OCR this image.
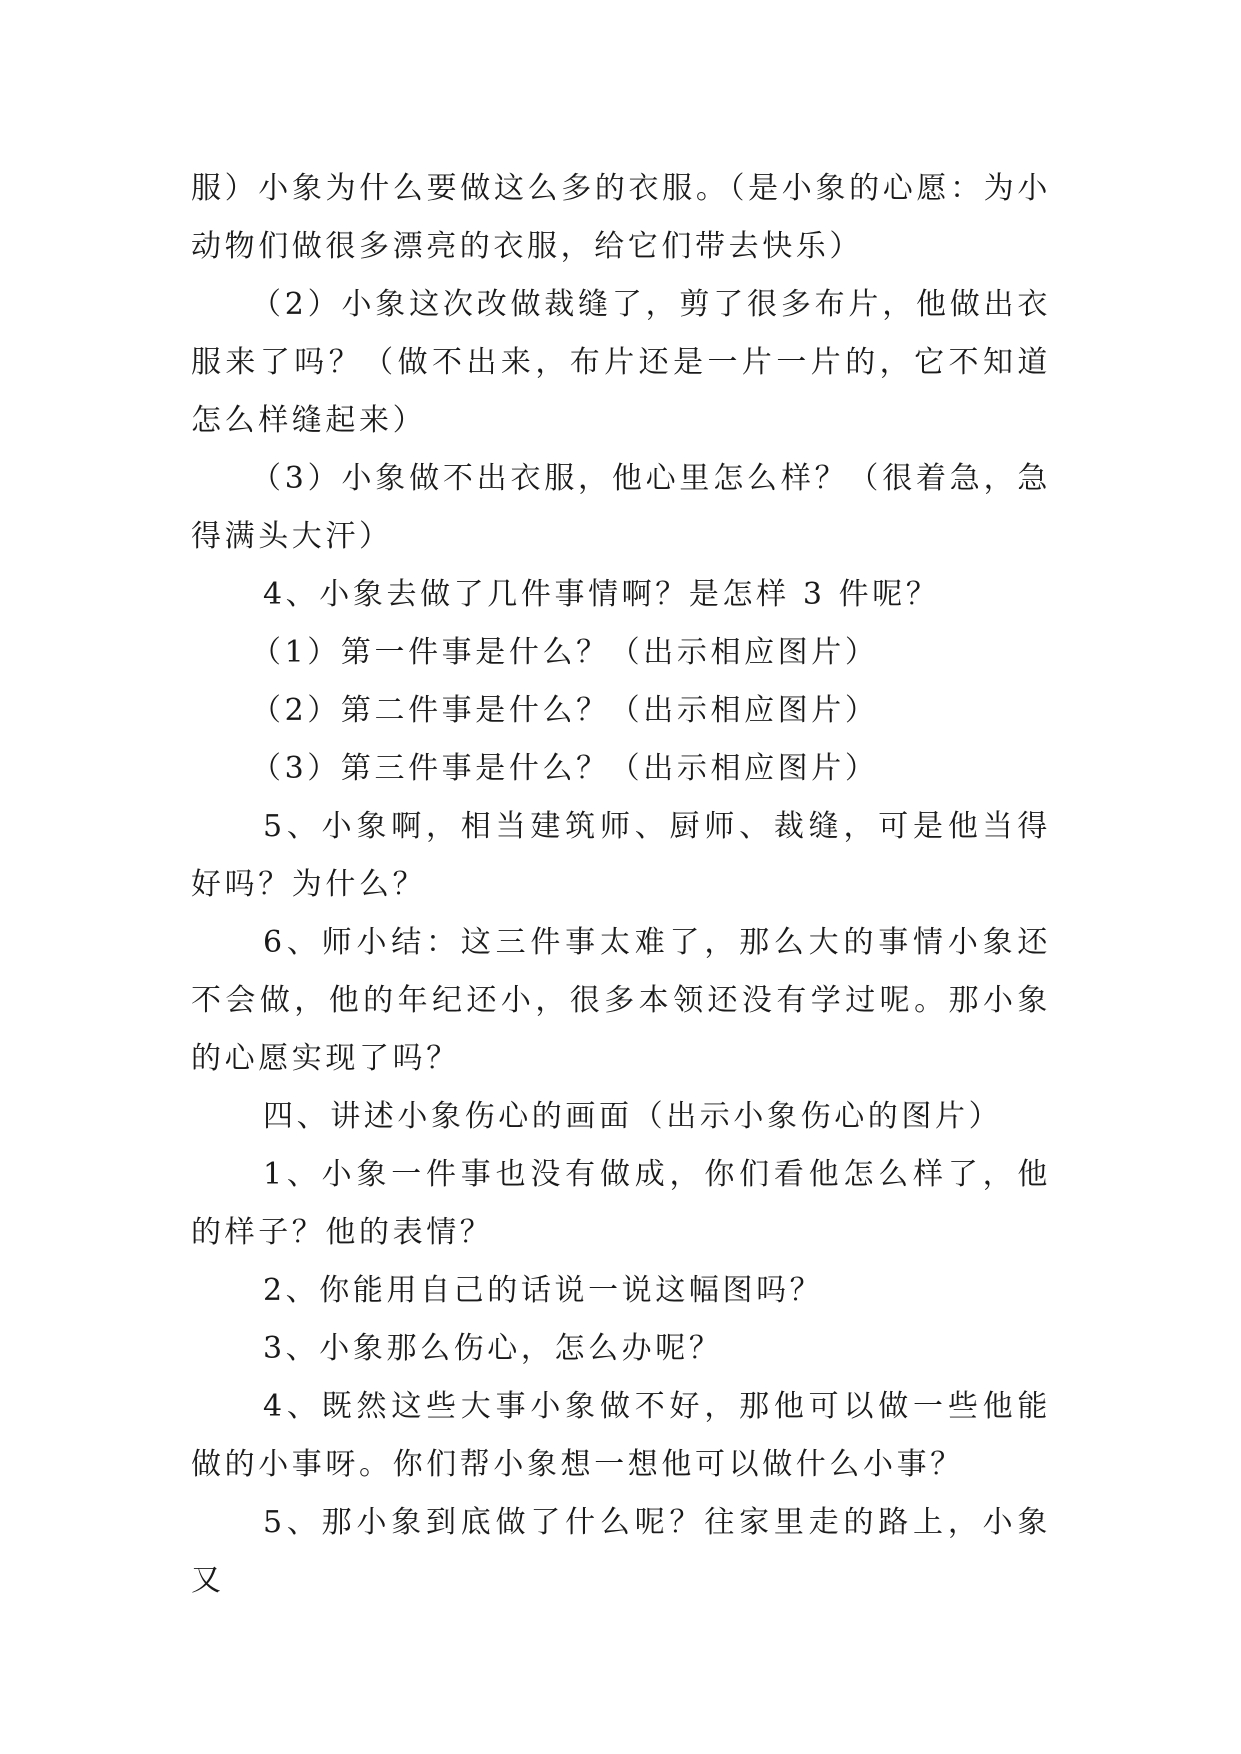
服）小象为什么要做这么多的衣服。（是小象的心愿：为小动物们做很多漂亮的衣服，给它们带去快乐）

（2）小象这次改做裁缝了，剪了很多布片，他做出衣服来了吗？（做不出来，布片还是一片一片的，它不知道怎么样缝起来）

（3）小象做不出衣服，他心里怎么样？（很着急，急得满头大汗）

4、小象去做了几件事情啊？是怎样 3 件呢？

（1）第一件事是什么？（出示相应图片）

（2）第二件事是什么？（出示相应图片）

（3）第三件事是什么？（出示相应图片）

5、小象啊，相当建筑师、厨师、裁缝，可是他当得好吗？为什么？

6、师小结：这三件事太难了，那么大的事情小象还不会做，他的年纪还小，很多本领还没有学过呢。那小象的心愿实现了吗？

四、讲述小象伤心的画面（出示小象伤心的图片）

1、小象一件事也没有做成，你们看他怎么样了，他的样子？他的表情？

2、你能用自己的话说一说这幅图吗？

3、小象那么伤心，怎么办呢？

4、既然这些大事小象做不好，那他可以做一些他能做的小事呀。你们帮小象想一想他可以做什么小事？

5、那小象到底做了什么呢？往家里走的路上，小象又
